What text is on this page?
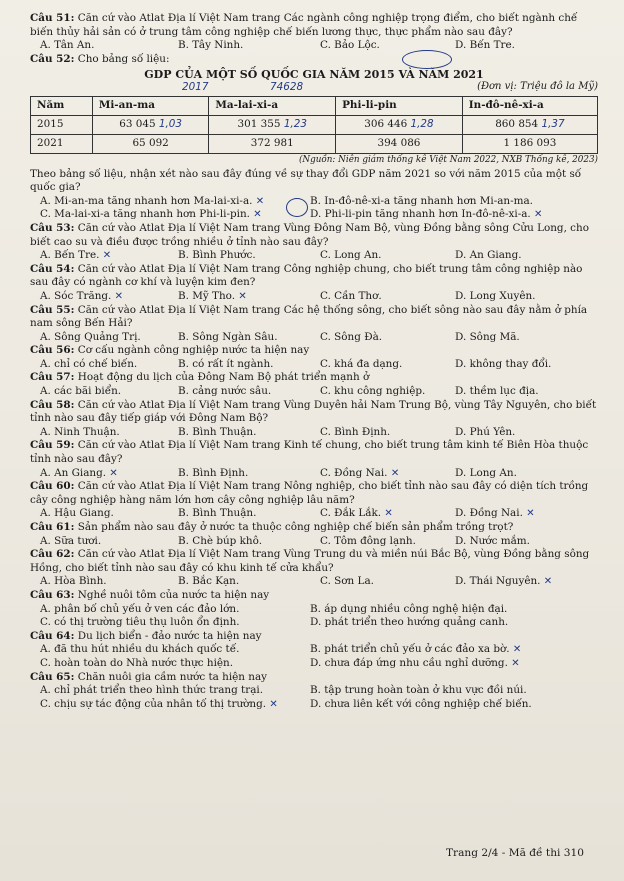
Câu 51: Căn cứ vào Atlat Địa lí Việt Nam trang Các ngành công nghiệp trọng điểm, cho biết ngành chế biến thủy hải sản có ở trung tâm công nghiệp chế biến lương thực, thực phẩm nào sau đây?

A. Tân An.	B. Tây Ninh.	C. Bảo Lộc.	D. Bến Tre.

Câu 52: Cho bảng số liệu:

GDP CỦA MỘT SỐ QUỐC GIA NĂM 2015 VÀ NĂM 2021
2017	74628	(Đơn vị: Triệu đô la Mỹ)
Năm	Mi-an-ma	Ma-lai-xi-a	Phi-li-pin	In-đô-nê-xi-a
2015	63 045 1,03	301 355 1,23	306 446 1,28	860 854 1,37
2021	65 092	372 981	394 086	1 186 093
(Nguồn: Niên giám thống kê Việt Nam 2022, NXB Thống kê, 2023)

Theo bảng số liệu, nhận xét nào sau đây đúng về sự thay đổi GDP năm 2021 so với năm 2015 của một số quốc gia?

A. Mi-an-ma tăng nhanh hơn Ma-lai-xi-a. ✕	B. In-đô-nê-xi-a tăng nhanh hơn Mi-an-ma.
C. Ma-lai-xi-a tăng nhanh hơn Phi-li-pin. ✕	D. Phi-li-pin tăng nhanh hơn In-đô-nê-xi-a. ✕

Câu 53: Căn cứ vào Atlat Địa lí Việt Nam trang Vùng Đông Nam Bộ, vùng Đồng bằng sông Cửu Long, cho biết cao su và điều được trồng nhiều ở tỉnh nào sau đây?

A. Bến Tre. ✕	B. Bình Phước.	C. Long An.	D. An Giang.

Câu 54: Căn cứ vào Atlat Địa lí Việt Nam trang Công nghiệp chung, cho biết trung tâm công nghiệp nào sau đây có ngành cơ khí và luyện kim đen?

A. Sóc Trăng. ✕	B. Mỹ Tho. ✕	C. Cần Thơ.	D. Long Xuyên.

Câu 55: Căn cứ vào Atlat Địa lí Việt Nam trang Các hệ thống sông, cho biết sông nào sau đây nằm ở phía nam sông Bến Hải?

A. Sông Quảng Trị.	B. Sông Ngàn Sâu.	C. Sông Đà.	D. Sông Mã.

Câu 56: Cơ cấu ngành công nghiệp nước ta hiện nay

A. chỉ có chế biến.	B. có rất ít ngành.	C. khá đa dạng.	D. không thay đổi.

Câu 57: Hoạt động du lịch của Đông Nam Bộ phát triển mạnh ở

A. các bãi biển.	B. cảng nước sâu.	C. khu công nghiệp.	D. thềm lục địa.

Câu 58: Căn cứ vào Atlat Địa lí Việt Nam trang Vùng Duyên hải Nam Trung Bộ, vùng Tây Nguyên, cho biết tỉnh nào sau đây tiếp giáp với Đông Nam Bộ?

A. Ninh Thuận.	B. Bình Thuận.	C. Bình Định.	D. Phú Yên.

Câu 59: Căn cứ vào Atlat Địa lí Việt Nam trang Kinh tế chung, cho biết trung tâm kinh tế Biên Hòa thuộc tỉnh nào sau đây?

A. An Giang. ✕	B. Bình Định.	C. Đồng Nai. ✕	D. Long An.

Câu 60: Căn cứ vào Atlat Địa lí Việt Nam trang Nông nghiệp, cho biết tỉnh nào sau đây có diện tích trồng cây công nghiệp hàng năm lớn hơn cây công nghiệp lâu năm?

A. Hậu Giang.	B. Bình Thuận.	C. Đắk Lắk. ✕	D. Đồng Nai. ✕

Câu 61: Sản phẩm nào sau đây ở nước ta thuộc công nghiệp chế biến sản phẩm trồng trọt?

A. Sữa tươi.	B. Chè búp khô.	C. Tôm đông lạnh.	D. Nước mắm.

Câu 62: Căn cứ vào Atlat Địa lí Việt Nam trang Vùng Trung du và miền núi Bắc Bộ, vùng Đồng bằng sông Hồng, cho biết tỉnh nào sau đây có khu kinh tế cửa khẩu?

A. Hòa Bình.	B. Bắc Kạn.	C. Sơn La.	D. Thái Nguyên. ✕

Câu 63: Nghề nuôi tôm của nước ta hiện nay

A. phân bố chủ yếu ở ven các đảo lớn.	B. áp dụng nhiều công nghệ hiện đại.
C. có thị trường tiêu thụ luôn ổn định.	D. phát triển theo hướng quảng canh.

Câu 64: Du lịch biển - đảo nước ta hiện nay

A. đã thu hút nhiều du khách quốc tế.	B. phát triển chủ yếu ở các đảo xa bờ. ✕
C. hoàn toàn do Nhà nước thực hiện.	D. chưa đáp ứng nhu cầu nghỉ dưỡng. ✕

Câu 65: Chăn nuôi gia cầm nước ta hiện nay

A. chỉ phát triển theo hình thức trang trại.	B. tập trung hoàn toàn ở khu vực đồi núi.
C. chịu sự tác động của nhân tố thị trường. ✕	D. chưa liên kết với công nghiệp chế biến.
Trang 2/4 - Mã đề thi 310
